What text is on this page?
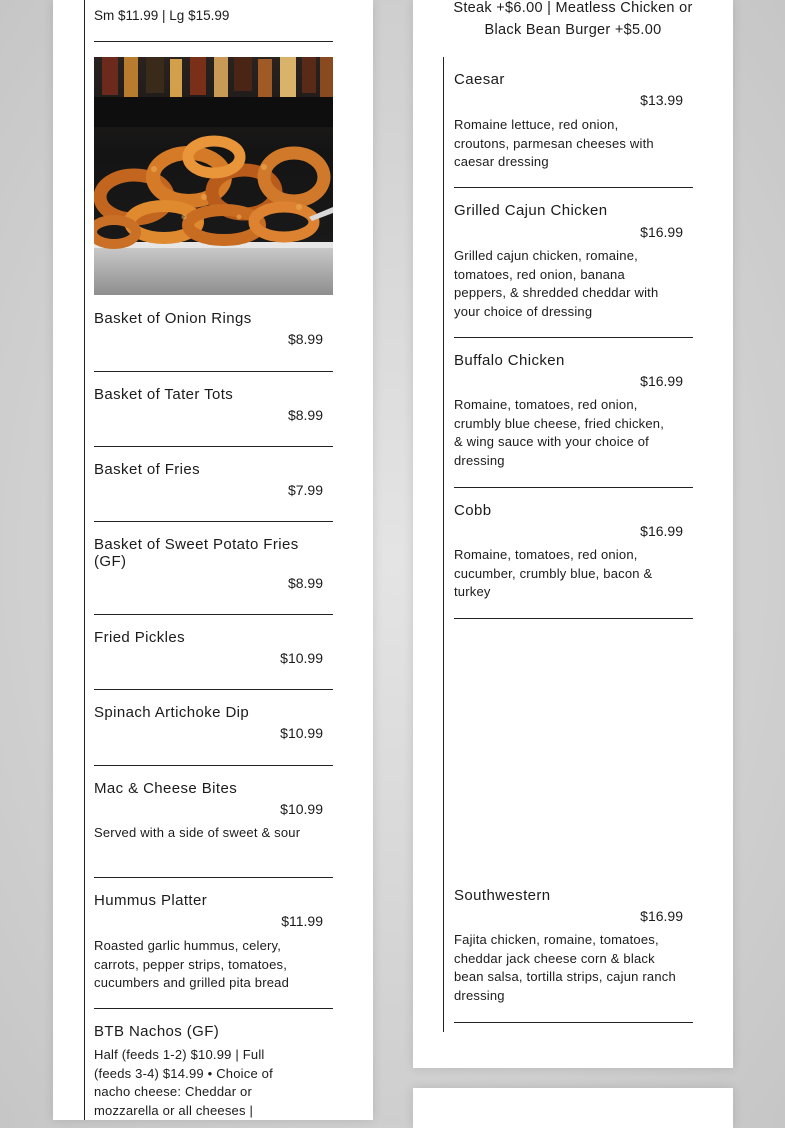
Sm $11.99 | Lg $15.99
Basket of Onion Rings
$8.99
Basket of Tater Tots
$8.99
Basket of Fries
$7.99
Basket of Sweet Potato Fries (GF)
$8.99
Fried Pickles
$10.99
Spinach Artichoke Dip
$10.99
Mac & Cheese Bites
$10.99
Served with a side of sweet & sour
Hummus Platter
$11.99
Roasted garlic hummus, celery, carrots, pepper strips, tomatoes, cucumbers and grilled pita bread
BTB Nachos (GF)
Half (feeds 1-2) $10.99 | Full (feeds 3-4) $14.99 • Choice of nacho cheese: Cheddar or mozzarella or all cheeses |
Steak +$6.00 | Meatless Chicken or
Black Bean Burger +$5.00
Caesar
$13.99
Romaine lettuce, red onion, croutons, parmesan cheeses with caesar dressing
Grilled Cajun Chicken
$16.99
Grilled cajun chicken, romaine, tomatoes, red onion, banana peppers, & shredded cheddar with your choice of dressing
Buffalo Chicken
$16.99
Romaine, tomatoes, red onion, crumbly blue cheese, fried chicken, & wing sauce with your choice of dressing
Cobb
$16.99
Romaine, tomatoes, red onion, cucumber, crumbly blue, bacon & turkey
Southwestern
$16.99
Fajita chicken, romaine, tomatoes, cheddar jack cheese corn & black bean salsa, tortilla strips, cajun ranch dressing
